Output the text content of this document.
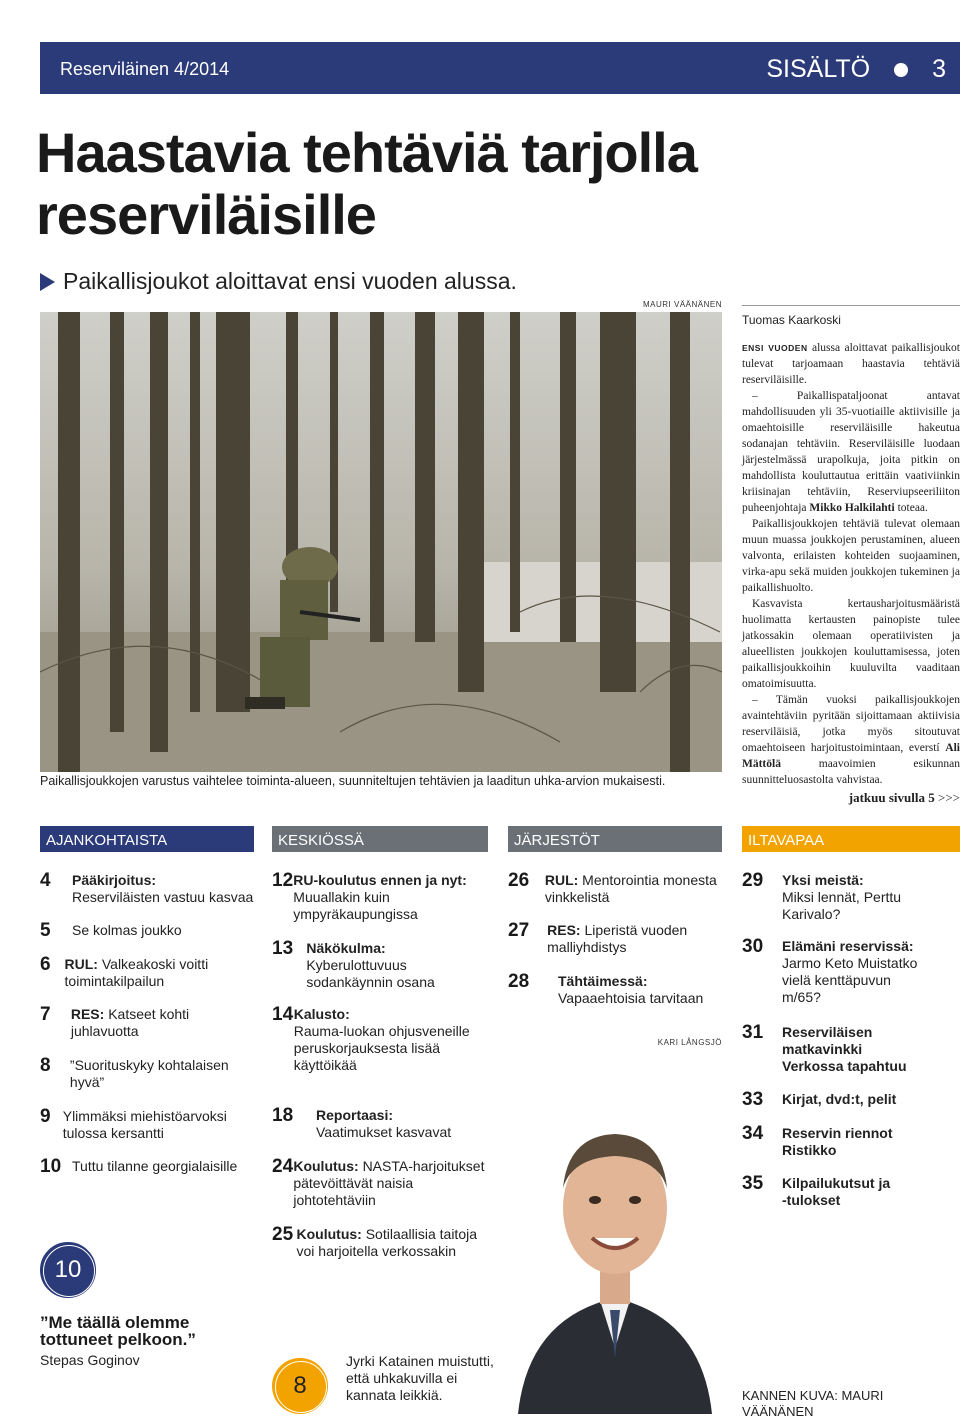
Reserviläinen 4/2014	SISÄLTÖ 3
Haastavia tehtäviä tarjolla reserviläisille
Paikallisjoukot aloittavat ensi vuoden alussa.
MAURI VÄÄNÄNEN
Paikallisjoukkojen varustus vaihtelee toiminta-alueen, suunniteltujen tehtävien ja laaditun uhka-arvion mukaisesti.
Tuomas Kaarkoski

ENSI VUODEN alussa aloittavat paikallisjoukot tulevat tarjoamaan haastavia tehtäviä reserviläisille.

– Paikallispataljoonat antavat mahdollisuuden yli 35-vuotiaille aktiivisille ja omaehtoisille reserviläisille hakeutua sodanajan tehtäviin. Reserviläisille luodaan järjestelmässä urapolkuja, joita pitkin on mahdollista kouluttautua erittäin vaativiinkin kriisinajan tehtäviin, Reserviupseeriliiton puheenjohtaja Mikko Halkilahti toteaa.

Paikallisjoukkojen tehtäviä tulevat olemaan muun muassa joukkojen perustaminen, alueen valvonta, erilaisten kohteiden suojaaminen, virka-apu sekä muiden joukkojen tukeminen ja paikallishuolto.

Kasvavista kertausharjoitusmääristä huolimatta kertausten painopiste tulee jatkossakin olemaan operatiivisten ja alueellisten joukkojen kouluttamisessa, joten paikallisjoukkoihin kuuluvilta vaaditaan omatoimisuutta.

– Tämän vuoksi paikallisjoukkojen avaintehtäviin pyritään sijoittamaan aktiivisia reserviläisiä, jotka myös sitoutuvat omaehtoiseen harjoitustoimintaan, everstí Ali Mättölä	maavoimien esikunnan suunnitteluosastolta vahvistaa.

jatkuu sivulla 5 >>>
AJANKOHTAISTA	KESKIÖSSÄ	JÄRJESTÖT	ILTAVAPAA
4	Pääkirjoitus:
Reserviläisten vastuu kasvaa
5	Se kolmas joukko
6 RUL: Valkeakoski voitti toimintakilpailun
7	RES: Katseet kohti juhlavuotta
8	”Suorituskyky kohtalaisen hyvä”
9 Ylimmäksi miehistöarvoksi tulossa kersantti
10 Tuttu tilanne georgialaisille
12 RU-koulutus ennen ja nyt: Muuallakin kuin ympyräkaupungissa
13 Näkökulma:
Kyberulottuvuus sodankäynnin osana
14 Kalusto:
Rauma-luokan ohjusveneille peruskorjauksesta lisää käyttöikää
18	Reportaasi:
Vaatimukset kasvavat
24 Koulutus: NASTA-harjoitukset pätevöittävät naisia johtotehtäviin
25 Koulutus: Sotilaallisia taitoja voi harjoitella verkossakin
26	RUL: Mentorointia monesta vinkkelistä
27	RES: Liperistä vuoden malliyhdistys
28	Tähtäimessä:
Vapaaehtoisia tarvitaan
KARI LÅNGSJÖ
29	Yksi meistä:
Miksi lennät, Perttu Karivalo?
30	Elämäni reservissä:
Jarmo Keto Muistatko vielä kenttäpuvun m/65?
31	Reserviläisen matkavinkki Verkossa tapahtuu
33	Kirjat, dvd:t, pelit
34	Reservin riennot Ristikko
35	Kilpailukutsut ja -tulokset
10
”Me täällä olemme tottuneet pelkoon.”
Stepas Goginov
8
Jyrki Katainen muistutti, että uhkakuvilla ei kannata leikkiä.	KANNEN KUVA: MAURI VÄÄNÄNEN
